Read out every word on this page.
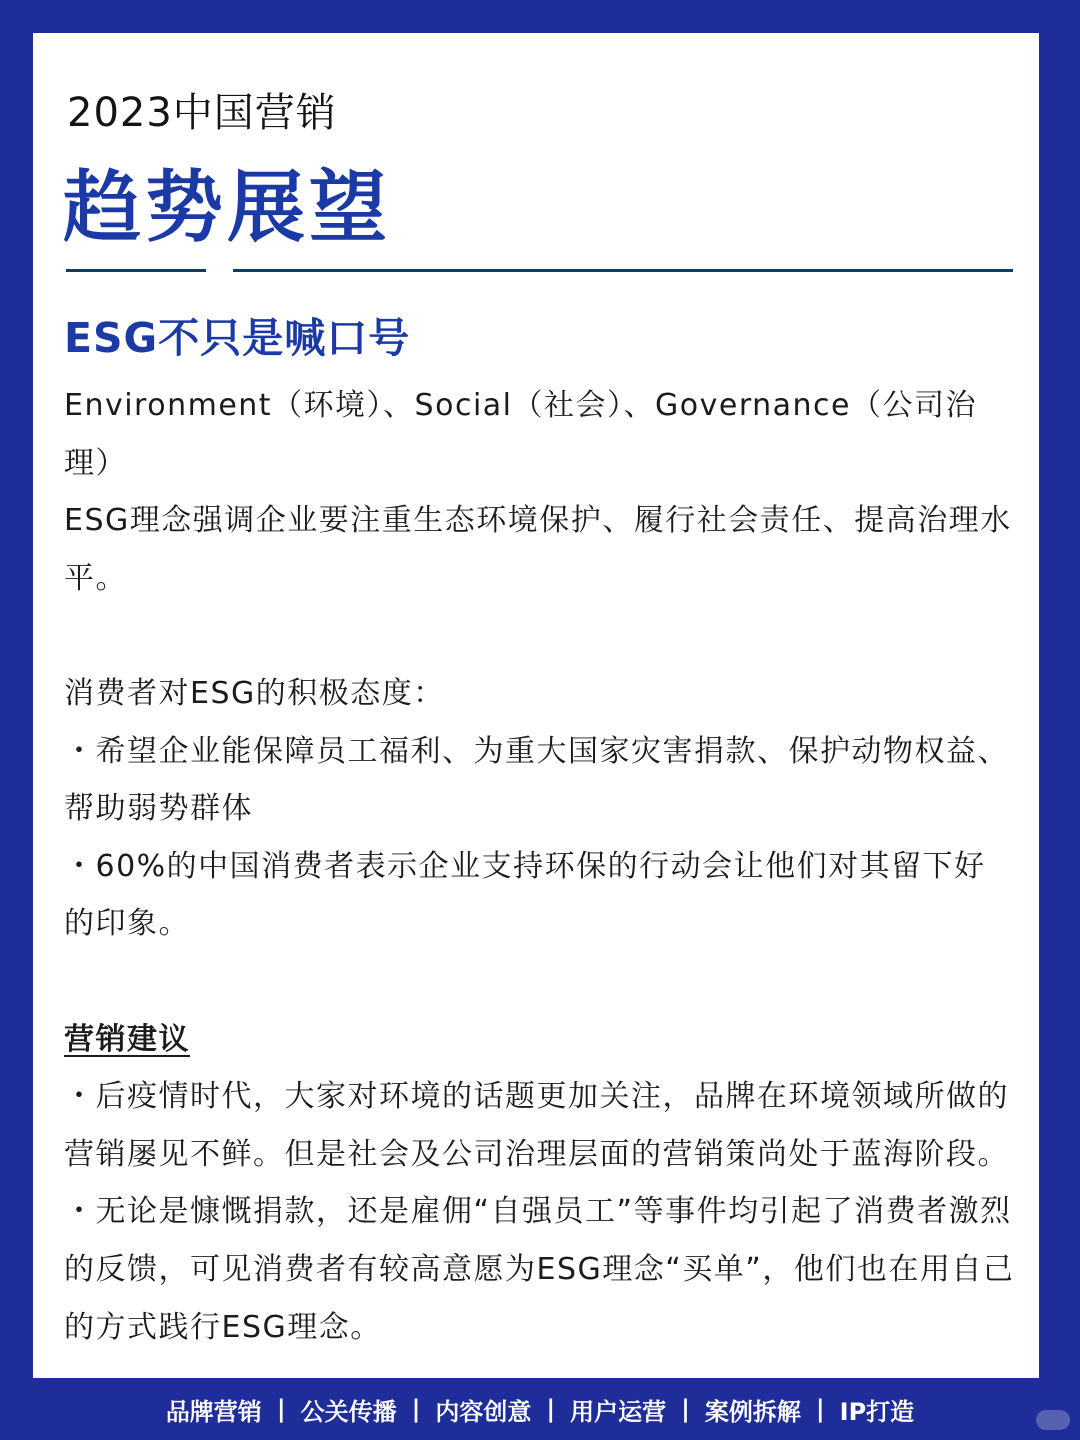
2023中国营销
趋势展望
ESG不只是喊口号

Environment（环境）、Social（社会）、Governance（公司治理）

ESG理念强调企业要注重生态环境保护、履行社会责任、提高治理水平。

消费者对ESG的积极态度：

・希望企业能保障员工福利、为重大国家灾害捐款、保护动物权益、帮助弱势群体

・60%的中国消费者表示企业支持环保的行动会让他们对其留下好的印象。

营销建议

・后疫情时代，大家对环境的话题更加关注，品牌在环境领域所做的营销屡见不鲜。但是社会及公司治理层面的营销策尚处于蓝海阶段。

・无论是慷慨捐款，还是雇佣“自强员工”等事件均引起了消费者激烈的反馈，可见消费者有较高意愿为ESG理念“买单”，他们也在用自己的方式践行ESG理念。

品牌营销 | 公关传播 | 内容创意 | 用户运营 | 案例拆解 | IP打造
